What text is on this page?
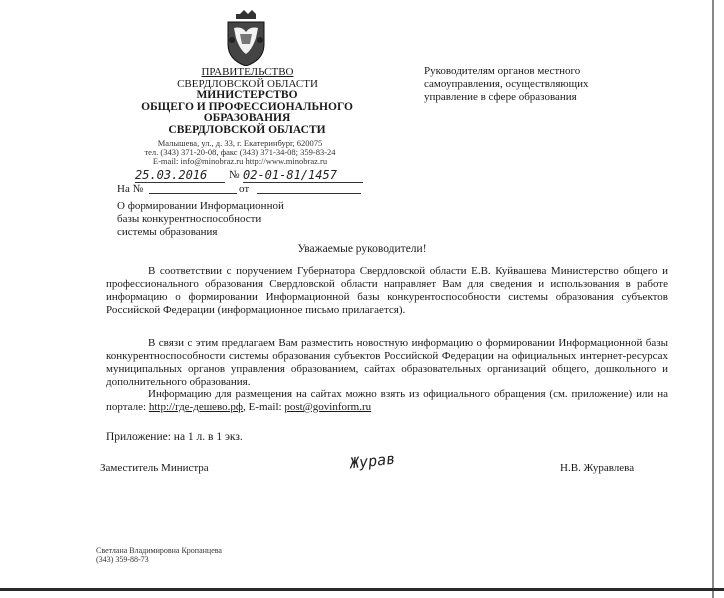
ПРАВИТЕЛЬСТВО
СВЕРДЛОВСКОЙ ОБЛАСТИ
МИНИСТЕРСТВО
ОБЩЕГО И ПРОФЕССИОНАЛЬНОГО
ОБРАЗОВАНИЯ
СВЕРДЛОВСКОЙ ОБЛАСТИ
Малышева, ул., д. 33, г. Екатеринбург, 620075
тел. (343) 371-20-08, факс (343) 371-34-08; 359-83-24
E-mail: info@minobraz.ru http://www.minobraz.ru
Руководителям органов местного
самоуправления, осуществляющих
управление в сфере образования
25.03.2016	№ 02-01-81/1457
На №	от
О формировании Информационной
базы конкурентноспособности
системы образования
Уважаемые руководители!
В соответствии с поручением Губернатора Свердловской области Е.В. Куйвашева Министерство общего и профессионального образования Свердловской области направляет Вам для сведения и использования в работе информацию о формировании Информационной базы конкурентоспособности системы образования субъектов Российской Федерации (информационное письмо прилагается).
В связи с этим предлагаем Вам разместить новостную информацию о формировании Информационной базы конкурентноспособности системы образования субъектов Российской Федерации на официальных интернет-ресурсах муниципальных органов управления образованием, сайтах образовательных организаций общего, дошкольного и дополнительного образования.
Информацию для размещения на сайтах можно взять из официального обращения (см. приложение) или на портале: http://где-дешево.рф, E-mail: post@govinform.ru
Приложение: на 1 л. в 1 экз.
Заместитель Министра	Журав	Н.В. Журавлева
Светлана Владимировна Кропанцева
(343) 359-88-73
